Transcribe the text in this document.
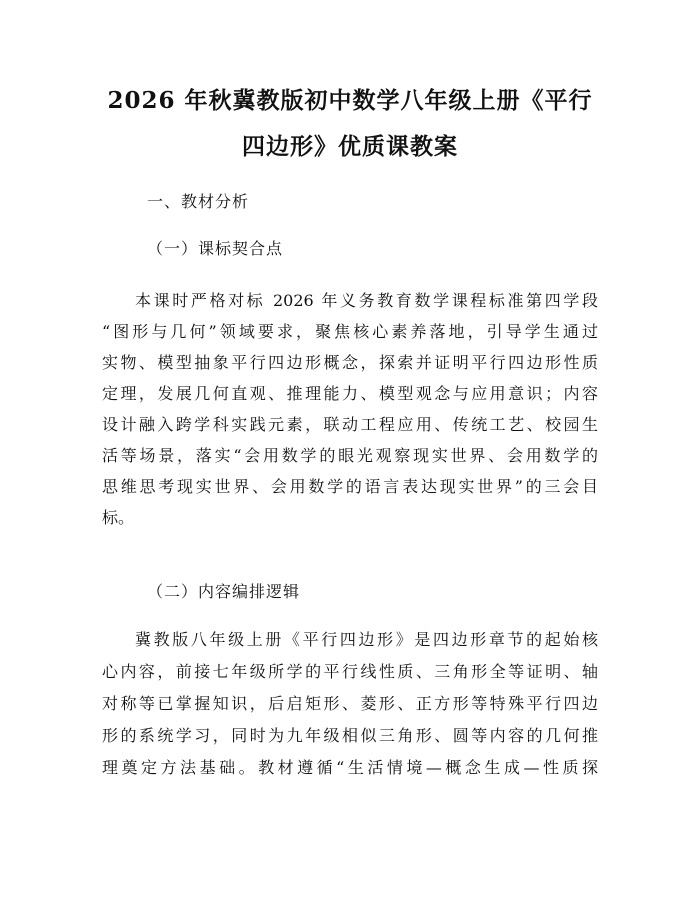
2026 年秋冀教版初中数学八年级上册《平行
四边形》优质课教案

一、教材分析

（一）课标契合点

本课时严格对标 2026 年义务教育数学课程标准第四学段

“图形与几何”领域要求，聚焦核心素养落地，引导学生通过

实物、模型抽象平行四边形概念，探索并证明平行四边形性质

定理，发展几何直观、推理能力、模型观念与应用意识；内容

设计融入跨学科实践元素，联动工程应用、传统工艺、校园生

活等场景，落实“会用数学的眼光观察现实世界、会用数学的

思维思考现实世界、会用数学的语言表达现实世界”的三会目

标。

（二）内容编排逻辑

冀教版八年级上册《平行四边形》是四边形章节的起始核

心内容，前接七年级所学的平行线性质、三角形全等证明、轴

对称等已掌握知识，后启矩形、菱形、正方形等特殊平行四边

形的系统学习，同时为九年级相似三角形、圆等内容的几何推

理奠定方法基础。教材遵循“生活情境—概念生成—性质探
